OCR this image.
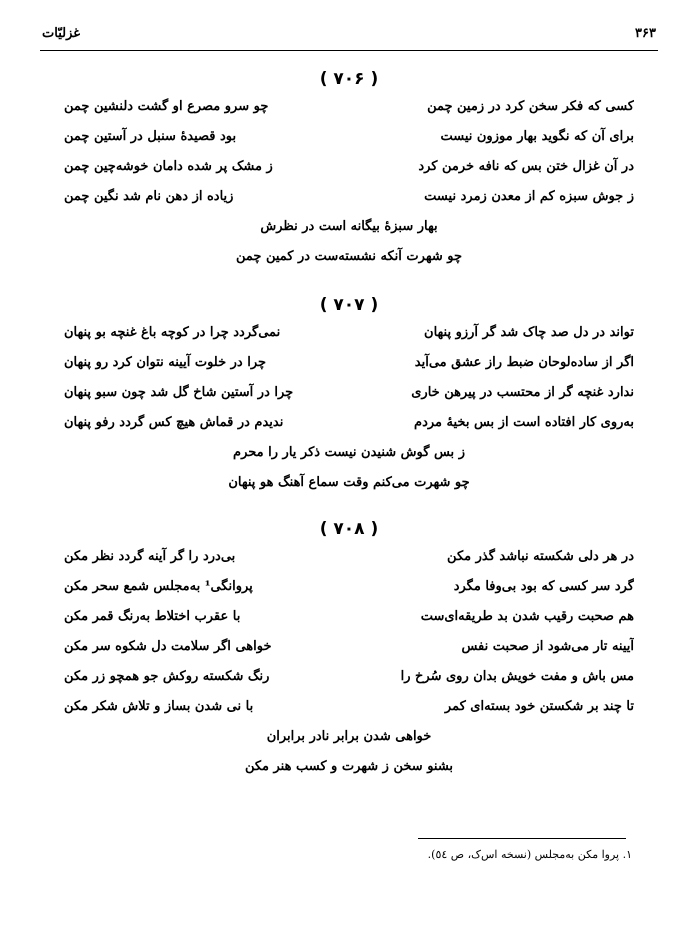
۳۶۳
غزلیّات
( ۷۰۶ )
کسی که فکر سخن کرد در زمین چمن
چو سرو مصرع او گشت دلنشین چمن
برای آن که نگوید بهار موزون نیست
بود قصیدهٔ سنبل در آستین چمن
در آن غزال ختن بس که نافه خرمن کرد
ز مشک پر شده دامان خوشه‌چین چمن
ز جوش سبزه کم از معدن زمرد نیست
زیاده از دهن نام شد نگین چمن
بهار سبزهٔ بیگانه است در نظرش
چو شهرت آنکه نشسته‌ست در کمین چمن
( ۷۰۷ )
تواند در دل صد چاک شد گر آرزو پنهان
نمی‌گردد چرا در کوچه باغ غنچه بو پنهان
اگر از ساده‌لوحان ضبط راز عشق می‌آید
چرا در خلوت آیینه نتوان کرد رو پنهان
ندارد غنچه گر از محتسب در پیرهن خاری
چرا در آستین شاخ گل شد چون سبو پنهان
به‌روی کار افتاده است از بس بخیهٔ مردم
ندیدم در قماش هیچ کس گردد رفو پنهان
ز بس گوش شنیدن نیست ذکر یار را محرم
چو شهرت می‌کنم وقت سماع آهنگ هو پنهان
( ۷۰۸ )
در هر دلی شکسته نباشد گذر مکن
بی‌درد را گر آینه گردد نظر مکن
گرد سر کسی که بود بی‌وفا مگرد
پروانگی¹ به‌مجلس شمع سحر مکن
هم صحبت رقیب شدن بد طریقه‌ای‌ست
با عقرب اختلاط به‌رنگ قمر مکن
آیینه تار می‌شود از صحبت نفس
خواهی اگر سلامت دل شکوه سر مکن
مس باش و مفت خویش بدان روی سُرخ را
رنگ شکسته روکش جو همچو زر مکن
تا چند بر شکستن خود بسته‌ای کمر
با نی شدن بساز و تلاش شکر مکن
خواهی شدن برابر نادر برابران
بشنو سخن ز شهرت و کسب هنر مکن
۱. پروا مکن به‌مجلس (نسخه اس‌ک، ص ٥٤).
